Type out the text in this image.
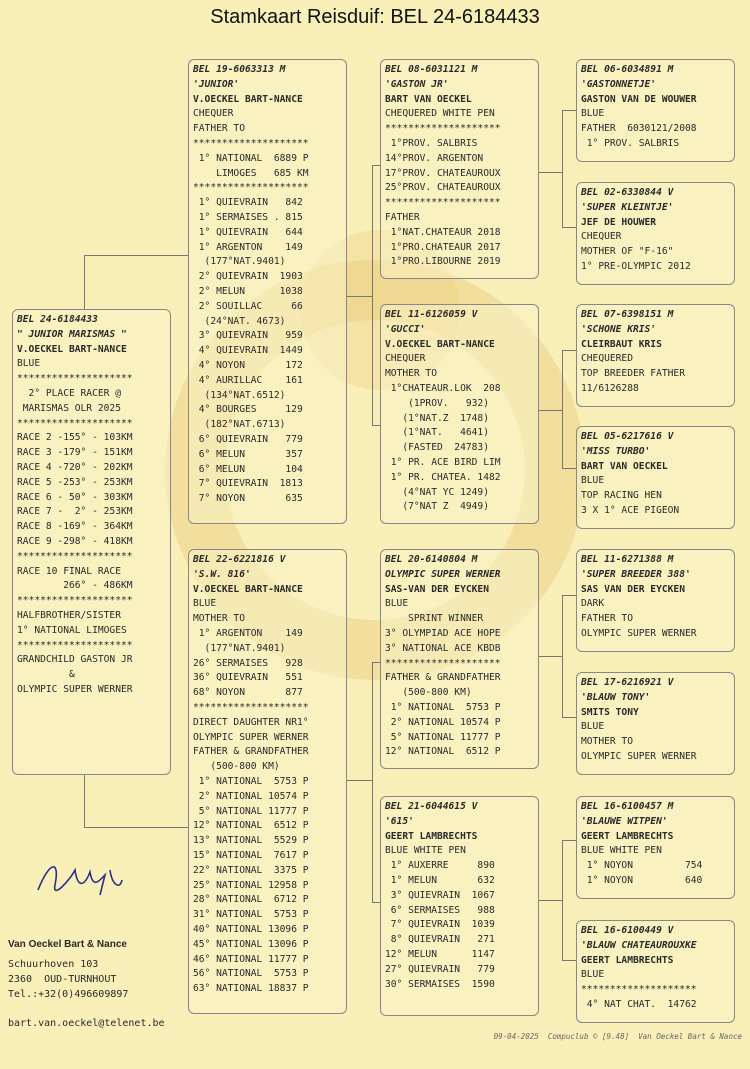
Stamkaart Reisduif: BEL 24-6184433
BEL 24-6184433
" JUNIOR MARISMAS "
V.OECKEL BART-NANCE
BLUE
********************
2° PLACE RACER @
MARISMAS OLR 2025
********************
RACE 2 -155° - 103KM
RACE 3 -179° - 151KM
RACE 4 -720° - 202KM
RACE 5 -253° - 253KM
RACE 6 - 50° - 303KM
RACE 7 -  2° - 253KM
RACE 8 -169° - 364KM
RACE 9 -298° - 418KM
********************
RACE 10 FINAL RACE
266° - 486KM
********************
HALFBROTHER/SISTER
1° NATIONAL LIMOGES
********************
GRANDCHILD GASTON JR
&
OLYMPIC SUPER WERNER
BEL 19-6063313 M
'JUNIOR'
V.OECKEL BART-NANCE
CHEQUER
FATHER TO
********************
1° NATIONAL  6889 P
LIMOGES   685 KM
********************
1° QUIEVRAIN   842
1° SERMAISES . 815
1° QUIEVRAIN   644
1° ARGENTON    149
(177°NAT.9401)
2° QUIEVRAIN  1903
2° MELUN      1038
2° SOUILLAC     66
(24°NAT. 4673)
3° QUIEVRAIN   959
4° QUIEVRAIN  1449
4° NOYON       172
4° AURILLAC    161
(134°NAT.6512)
4° BOURGES     129
(182°NAT.6713)
6° QUIEVRAIN   779
6° MELUN       357
6° MELUN       104
7° QUIEVRAIN  1813
7° NOYON       635
BEL 22-6221816 V
'S.W. 816'
V.OECKEL BART-NANCE
BLUE
MOTHER TO
1° ARGENTON    149
(177°NAT.9401)
26° SERMAISES   928
36° QUIEVRAIN   551
68° NOYON       877
********************
DIRECT DAUGHTER NR1°
OLYMPIC SUPER WERNER
FATHER & GRANDFATHER
(500-800 KM)
1° NATIONAL  5753 P
2° NATIONAL 10574 P
5° NATIONAL 11777 P
12° NATIONAL  6512 P
13° NATIONAL  5529 P
15° NATIONAL  7617 P
22° NATIONAL  3375 P
25° NATIONAL 12958 P
28° NATIONAL  6712 P
31° NATIONAL  5753 P
40° NATIONAL 13096 P
45° NATIONAL 13096 P
46° NATIONAL 11777 P
56° NATIONAL  5753 P
63° NATIONAL 18837 P
BEL 08-6031121 M
'GASTON JR'
BART VAN OECKEL
CHEQUERED WHITE PEN
********************
1°PROV. SALBRIS
14°PROV. ARGENTON
17°PROV. CHATEAUROUX
25°PROV. CHATEAUROUX
********************
FATHER
1°NAT.CHATEAUR 2018
1°PRO.CHATEAUR 2017
1°PRO.LIBOURNE 2019
BEL 11-6126059 V
'GUCCI'
V.OECKEL BART-NANCE
CHEQUER
MOTHER TO
1°CHATEAUR.LOK  208
(1PROV.   932)
(1°NAT.Z  1748)
(1°NAT.   4641)
(FASTED  24783)
1° PR. ACE BIRD LIM
1° PR. CHATEA. 1482
(4°NAT YC 1249)
(7°NAT Z  4949)
BEL 20-6140804 M
OLYMPIC SUPER WERNER
SAS-VAN DER EYCKEN
BLUE
SPRINT WINNER
3° OLYMPIAD ACE HOPE
3° NATIONAL ACE KBDB
********************
FATHER & GRANDFATHER
(500-800 KM)
1° NATIONAL  5753 P
2° NATIONAL 10574 P
5° NATIONAL 11777 P
12° NATIONAL  6512 P
BEL 21-6044615 V
'615'
GEERT LAMBRECHTS
BLUE WHITE PEN
1° AUXERRE     890
1° MELUN       632
3° QUIEVRAIN  1067
6° SERMAISES   988
7° QUIEVRAIN  1039
8° QUIEVRAIN   271
12° MELUN      1147
27° QUIEVRAIN   779
30° SERMAISES  1590
BEL 06-6034891 M
'GASTONNETJE'
GASTON VAN DE WOUWER
BLUE
FATHER  6030121/2008
1° PROV. SALBRIS
BEL 02-6330844 V
'SUPER KLEINTJE'
JEF DE HOUWER
CHEQUER
MOTHER OF "F-16"
1° PRE-OLYMPIC 2012
BEL 07-6398151 M
'SCHONE KRIS'
CLEIRBAUT KRIS
CHEQUERED
TOP BREEDER FATHER
11/6126288
BEL 05-6217616 V
'MISS TURBO'
BART VAN OECKEL
BLUE
TOP RACING HEN
3 X 1° ACE PIGEON
BEL 11-6271388 M
'SUPER BREEDER 388'
SAS VAN DER EYCKEN
DARK
FATHER TO
OLYMPIC SUPER WERNER
BEL 17-6216921 V
'BLAUW TONY'
SMITS TONY
BLUE
MOTHER TO
OLYMPIC SUPER WERNER
BEL 16-6100457 M
'BLAUWE WITPEN'
GEERT LAMBRECHTS
BLUE WHITE PEN
1° NOYON         754
1° NOYON         640
BEL 16-6100449 V
'BLAUW CHATEAUROUXKE
GEERT LAMBRECHTS
BLUE
********************
4° NAT CHAT.  14762
Van Oeckel Bart & Nance
Schuurhoven 103
2360  OUD-TURNHOUT
Tel.:+32(0)496609897
bart.van.oeckel@telenet.be
09-04-2025  Compuclub © [9.48]  Van Oeckel Bart & Nance
